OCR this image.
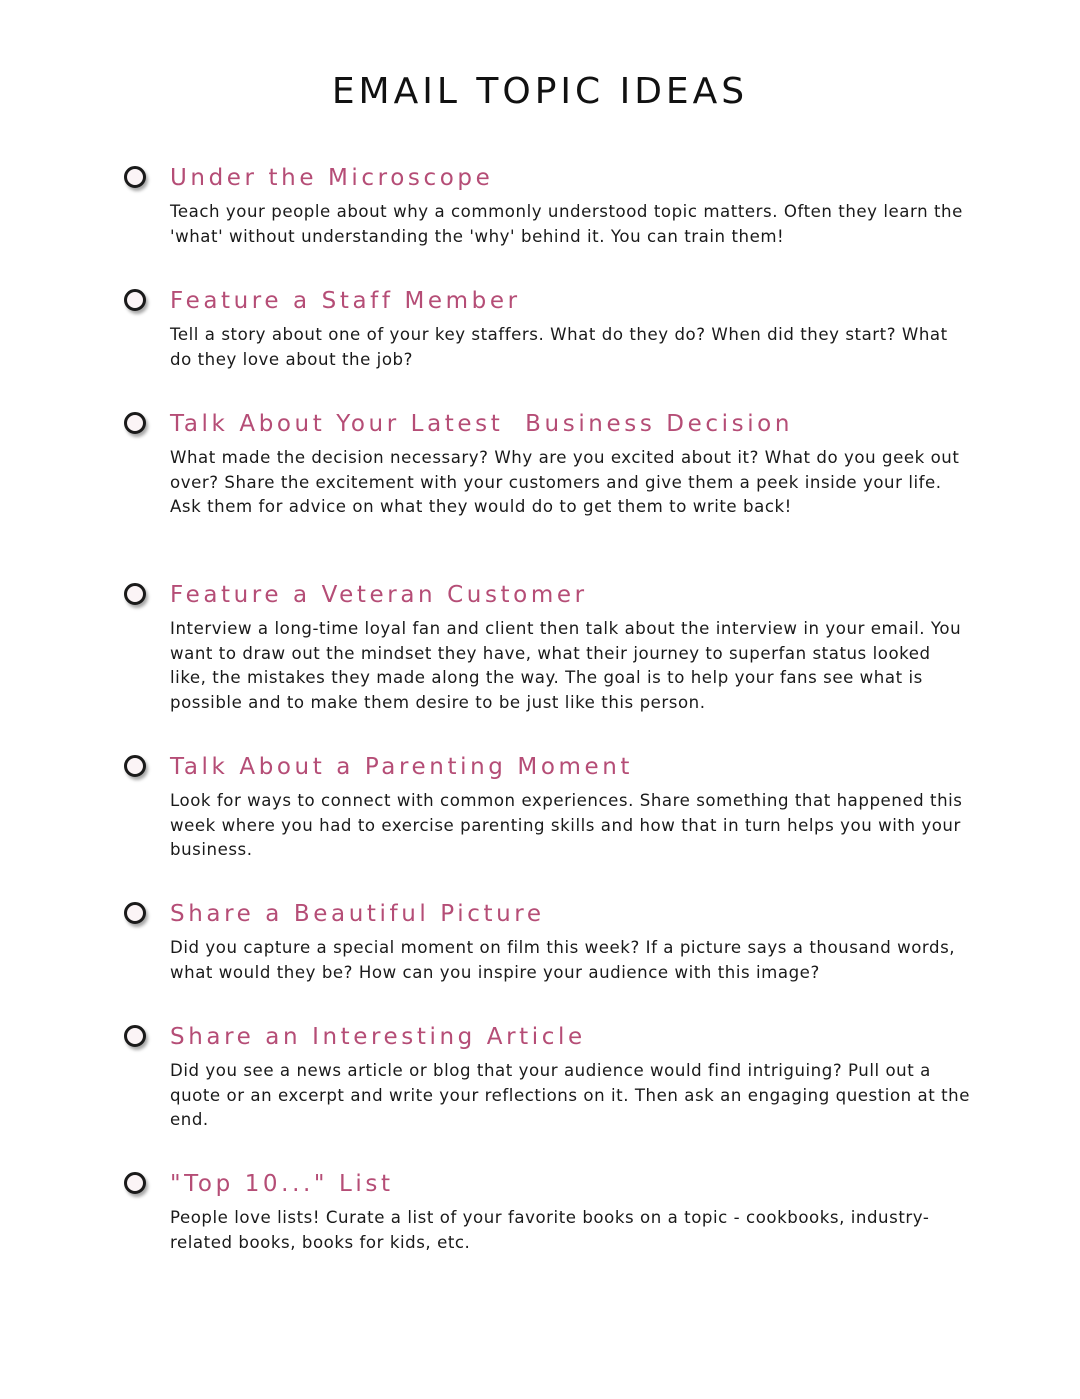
EMAIL TOPIC IDEAS
Under the Microscope

Teach your people about why a commonly understood topic matters. Often they learn the 'what' without understanding the 'why' behind it. You can train them!

Feature a Staff Member

Tell a story about one of your key staffers. What do they do? When did they start? What do they love about the job?

Talk About Your Latest  Business Decision

What made the decision necessary? Why are you excited about it? What do you geek out over? Share the excitement with your customers and give them a peek inside your life. Ask them for advice on what they would do to get them to write back!

Feature a Veteran Customer

Interview a long-time loyal fan and client then talk about the interview in your email. You want to draw out the mindset they have, what their journey to superfan status looked like, the mistakes they made along the way. The goal is to help your fans see what is possible and to make them desire to be just like this person.

Talk About a Parenting Moment

Look for ways to connect with common experiences. Share something that happened this week where you had to exercise parenting skills and how that in turn helps you with your business.

Share a Beautiful Picture

Did you capture a special moment on film this week? If a picture says a thousand words, what would they be? How can you inspire your audience with this image?

Share an Interesting Article

Did you see a news article or blog that your audience would find intriguing? Pull out a quote or an excerpt and write your reflections on it. Then ask an engaging question at the end.

"Top 10..." List

People love lists! Curate a list of your favorite books on a topic - cookbooks, industry-related books, books for kids, etc.
